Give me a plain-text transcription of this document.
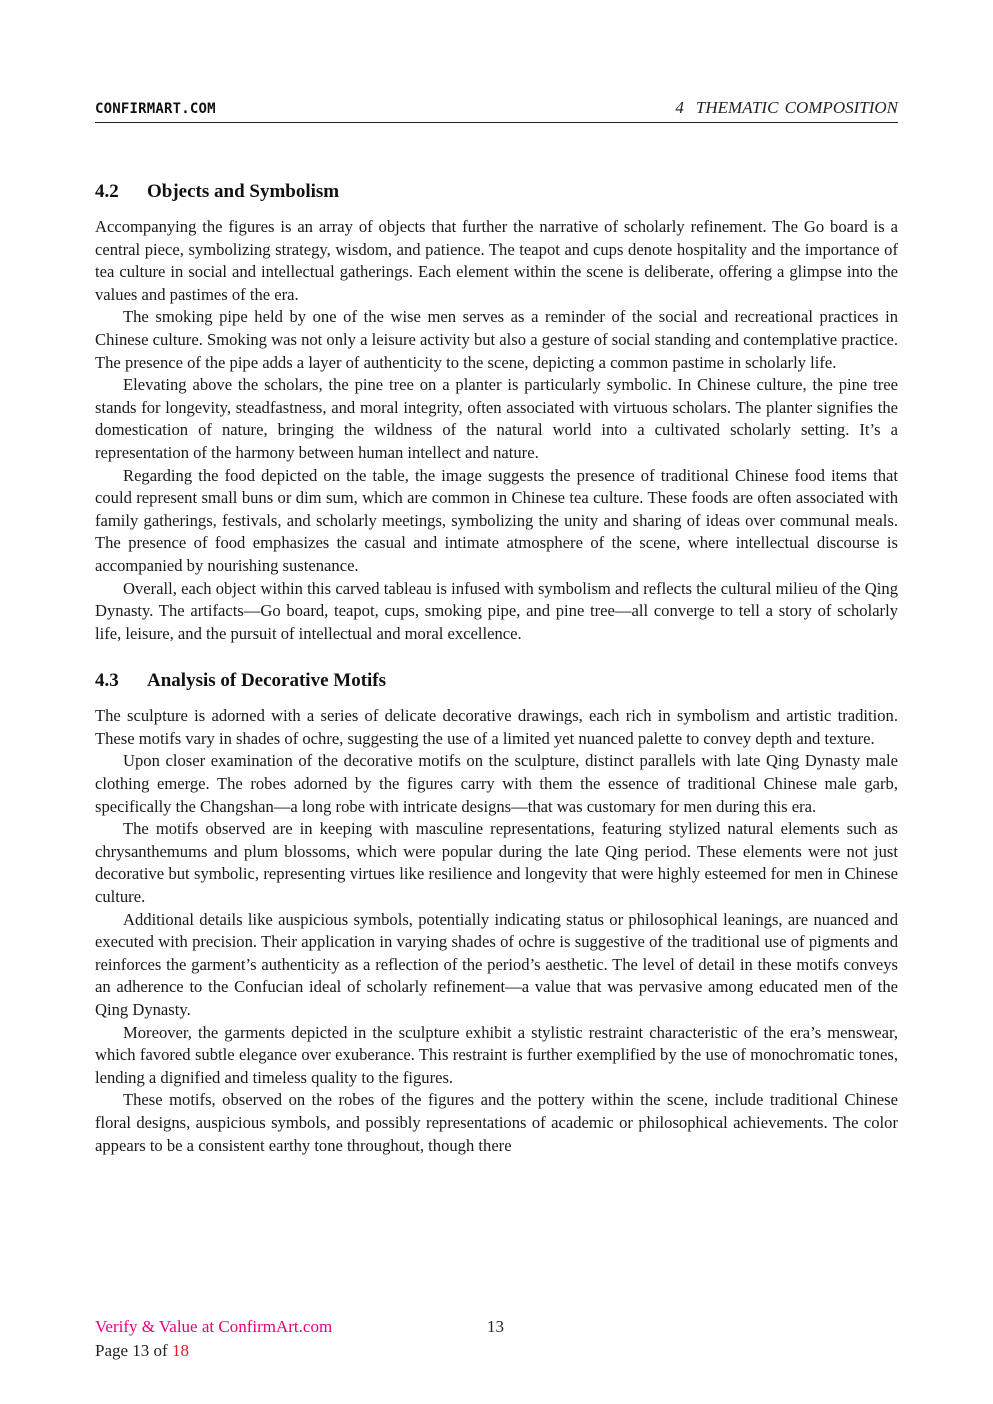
CONFIRMART.COM	4 THEMATIC COMPOSITION
4.2 Objects and Symbolism

Accompanying the figures is an array of objects that further the narrative of scholarly refinement. The Go board is a central piece, symbolizing strategy, wisdom, and patience. The teapot and cups denote hospitality and the importance of tea culture in social and intellectual gatherings. Each element within the scene is deliberate, offering a glimpse into the values and pastimes of the era.

The smoking pipe held by one of the wise men serves as a reminder of the social and recreational practices in Chinese culture. Smoking was not only a leisure activity but also a gesture of social standing and contemplative practice. The presence of the pipe adds a layer of authenticity to the scene, depicting a common pastime in scholarly life.

Elevating above the scholars, the pine tree on a planter is particularly symbolic. In Chinese culture, the pine tree stands for longevity, steadfastness, and moral integrity, often associated with virtuous scholars. The planter signifies the domestication of nature, bringing the wildness of the natural world into a cultivated scholarly setting. It’s a representation of the harmony between human intellect and nature.

Regarding the food depicted on the table, the image suggests the presence of traditional Chinese food items that could represent small buns or dim sum, which are common in Chinese tea culture. These foods are often associated with family gatherings, festivals, and scholarly meetings, symbolizing the unity and sharing of ideas over communal meals. The presence of food emphasizes the casual and intimate atmosphere of the scene, where intellectual discourse is accompanied by nourishing sustenance.

Overall, each object within this carved tableau is infused with symbolism and reflects the cultural milieu of the Qing Dynasty. The artifacts—Go board, teapot, cups, smoking pipe, and pine tree—all converge to tell a story of scholarly life, leisure, and the pursuit of intellectual and moral excellence.

4.3 Analysis of Decorative Motifs

The sculpture is adorned with a series of delicate decorative drawings, each rich in symbolism and artistic tradition. These motifs vary in shades of ochre, suggesting the use of a limited yet nuanced palette to convey depth and texture.

Upon closer examination of the decorative motifs on the sculpture, distinct parallels with late Qing Dynasty male clothing emerge. The robes adorned by the figures carry with them the essence of traditional Chinese male garb, specifically the Changshan—a long robe with intricate designs—that was customary for men during this era.

The motifs observed are in keeping with masculine representations, featuring stylized natural elements such as chrysanthemums and plum blossoms, which were popular during the late Qing period. These elements were not just decorative but symbolic, representing virtues like resilience and longevity that were highly esteemed for men in Chinese culture.

Additional details like auspicious symbols, potentially indicating status or philosophical leanings, are nuanced and executed with precision. Their application in varying shades of ochre is suggestive of the traditional use of pigments and reinforces the garment’s authenticity as a reflection of the period’s aesthetic. The level of detail in these motifs conveys an adherence to the Confucian ideal of scholarly refinement—a value that was pervasive among educated men of the Qing Dynasty.

Moreover, the garments depicted in the sculpture exhibit a stylistic restraint characteristic of the era’s menswear, which favored subtle elegance over exuberance. This restraint is further exemplified by the use of monochromatic tones, lending a dignified and timeless quality to the figures.

These motifs, observed on the robes of the figures and the pottery within the scene, include traditional Chinese floral designs, auspicious symbols, and possibly representations of academic or philosophical achievements. The color appears to be a consistent earthy tone throughout, though there

Verify & Value at ConfirmArt.com	13
Page 13 of 18
